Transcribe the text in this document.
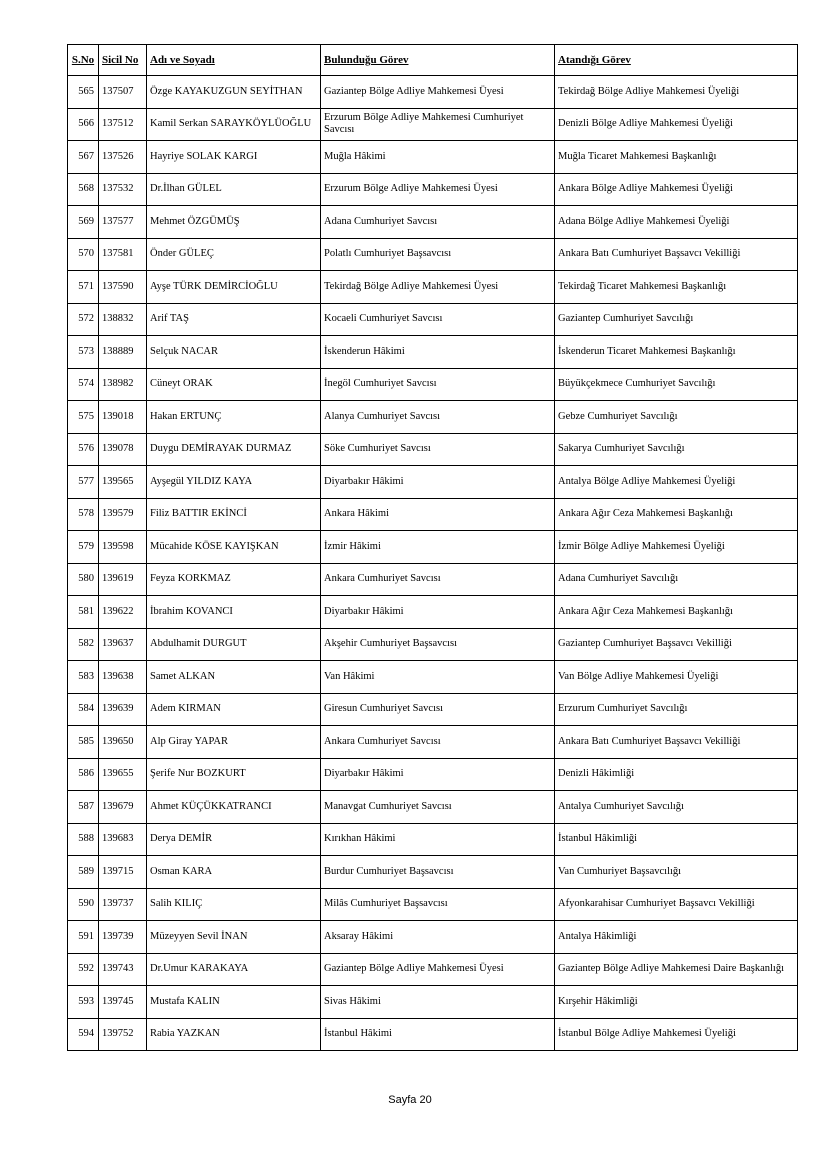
S.No	Sicil No	Adı ve Soyadı	Bulunduğu Görev	Atandığı Görev
565	137507	Özge KAYAKUZGUN SEYİTHAN	Gaziantep Bölge Adliye Mahkemesi Üyesi	Tekirdağ Bölge Adliye Mahkemesi Üyeliği
566	137512	Kamil Serkan SARAYKÖYLÜOĞLU	Erzurum Bölge Adliye Mahkemesi Cumhuriyet Savcısı	Denizli Bölge Adliye Mahkemesi Üyeliği
567	137526	Hayriye SOLAK KARGI	Muğla Hâkimi	Muğla Ticaret Mahkemesi Başkanlığı
568	137532	Dr.İlhan GÜLEL	Erzurum Bölge Adliye Mahkemesi Üyesi	Ankara Bölge Adliye Mahkemesi Üyeliği
569	137577	Mehmet ÖZGÜMÜŞ	Adana Cumhuriyet Savcısı	Adana Bölge Adliye Mahkemesi Üyeliği
570	137581	Önder GÜLEÇ	Polatlı Cumhuriyet Başsavcısı	Ankara Batı Cumhuriyet Başsavcı Vekilliği
571	137590	Ayşe TÜRK DEMİRCİOĞLU	Tekirdağ Bölge Adliye Mahkemesi Üyesi	Tekirdağ Ticaret Mahkemesi Başkanlığı
572	138832	Arif TAŞ	Kocaeli Cumhuriyet Savcısı	Gaziantep Cumhuriyet Savcılığı
573	138889	Selçuk NACAR	İskenderun Hâkimi	İskenderun Ticaret Mahkemesi Başkanlığı
574	138982	Cüneyt ORAK	İnegöl Cumhuriyet Savcısı	Büyükçekmece Cumhuriyet Savcılığı
575	139018	Hakan ERTUNÇ	Alanya Cumhuriyet Savcısı	Gebze Cumhuriyet Savcılığı
576	139078	Duygu DEMİRAYAK DURMAZ	Söke Cumhuriyet Savcısı	Sakarya Cumhuriyet Savcılığı
577	139565	Ayşegül YILDIZ KAYA	Diyarbakır Hâkimi	Antalya Bölge Adliye Mahkemesi Üyeliği
578	139579	Filiz BATTIR EKİNCİ	Ankara Hâkimi	Ankara Ağır Ceza Mahkemesi Başkanlığı
579	139598	Mücahide KÖSE KAYIŞKAN	İzmir Hâkimi	İzmir Bölge Adliye Mahkemesi Üyeliği
580	139619	Feyza KORKMAZ	Ankara Cumhuriyet Savcısı	Adana Cumhuriyet Savcılığı
581	139622	İbrahim KOVANCI	Diyarbakır Hâkimi	Ankara Ağır Ceza Mahkemesi Başkanlığı
582	139637	Abdulhamit DURGUT	Akşehir Cumhuriyet Başsavcısı	Gaziantep Cumhuriyet Başsavcı Vekilliği
583	139638	Samet ALKAN	Van Hâkimi	Van Bölge Adliye Mahkemesi Üyeliği
584	139639	Adem KIRMAN	Giresun Cumhuriyet Savcısı	Erzurum Cumhuriyet Savcılığı
585	139650	Alp Giray YAPAR	Ankara Cumhuriyet Savcısı	Ankara Batı Cumhuriyet Başsavcı Vekilliği
586	139655	Şerife Nur BOZKURT	Diyarbakır Hâkimi	Denizli Hâkimliği
587	139679	Ahmet KÜÇÜKKATRANCI	Manavgat Cumhuriyet Savcısı	Antalya Cumhuriyet Savcılığı
588	139683	Derya DEMİR	Kırıkhan Hâkimi	İstanbul Hâkimliği
589	139715	Osman KARA	Burdur Cumhuriyet Başsavcısı	Van Cumhuriyet Başsavcılığı
590	139737	Salih KILIÇ	Milâs Cumhuriyet Başsavcısı	Afyonkarahisar Cumhuriyet Başsavcı Vekilliği
591	139739	Müzeyyen Sevil İNAN	Aksaray Hâkimi	Antalya Hâkimliği
592	139743	Dr.Umur KARAKAYA	Gaziantep Bölge Adliye Mahkemesi Üyesi	Gaziantep Bölge Adliye Mahkemesi Daire Başkanlığı
593	139745	Mustafa KALIN	Sivas Hâkimi	Kırşehir Hâkimliği
594	139752	Rabia YAZKAN	İstanbul Hâkimi	İstanbul Bölge Adliye Mahkemesi Üyeliği
Sayfa 20
